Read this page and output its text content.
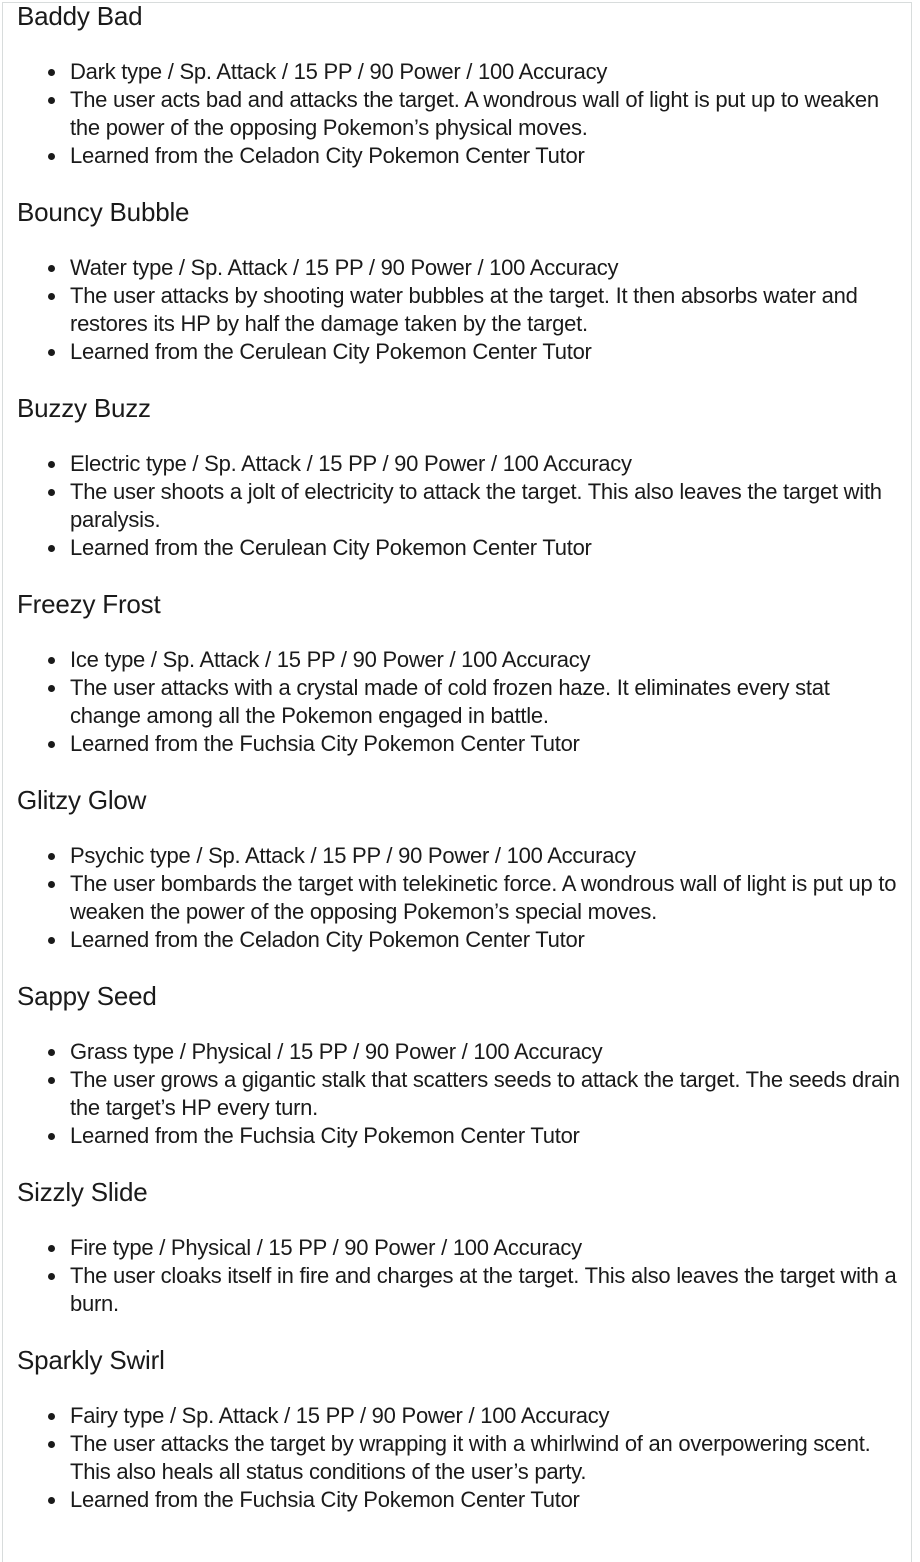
Baddy Bad
Dark type / Sp. Attack / 15 PP / 90 Power / 100 Accuracy
The user acts bad and attacks the target. A wondrous wall of light is put up to weaken the power of the opposing Pokemon’s physical moves.
Learned from the Celadon City Pokemon Center Tutor
Bouncy Bubble
Water type / Sp. Attack / 15 PP / 90 Power / 100 Accuracy
The user attacks by shooting water bubbles at the target. It then absorbs water and restores its HP by half the damage taken by the target.
Learned from the Cerulean City Pokemon Center Tutor
Buzzy Buzz
Electric type / Sp. Attack / 15 PP / 90 Power / 100 Accuracy
The user shoots a jolt of electricity to attack the target. This also leaves the target with paralysis.
Learned from the Cerulean City Pokemon Center Tutor
Freezy Frost
Ice type / Sp. Attack / 15 PP / 90 Power / 100 Accuracy
The user attacks with a crystal made of cold frozen haze. It eliminates every stat change among all the Pokemon engaged in battle.
Learned from the Fuchsia City Pokemon Center Tutor
Glitzy Glow
Psychic type / Sp. Attack / 15 PP / 90 Power / 100 Accuracy
The user bombards the target with telekinetic force. A wondrous wall of light is put up to weaken the power of the opposing Pokemon’s special moves.
Learned from the Celadon City Pokemon Center Tutor
Sappy Seed
Grass type / Physical / 15 PP / 90 Power / 100 Accuracy
The user grows a gigantic stalk that scatters seeds to attack the target. The seeds drain the target’s HP every turn.
Learned from the Fuchsia City Pokemon Center Tutor
Sizzly Slide
Fire type / Physical / 15 PP / 90 Power / 100 Accuracy
The user cloaks itself in fire and charges at the target. This also leaves the target with a burn.
Sparkly Swirl
Fairy type / Sp. Attack / 15 PP / 90 Power / 100 Accuracy
The user attacks the target by wrapping it with a whirlwind of an overpowering scent. This also heals all status conditions of the user’s party.
Learned from the Fuchsia City Pokemon Center Tutor
